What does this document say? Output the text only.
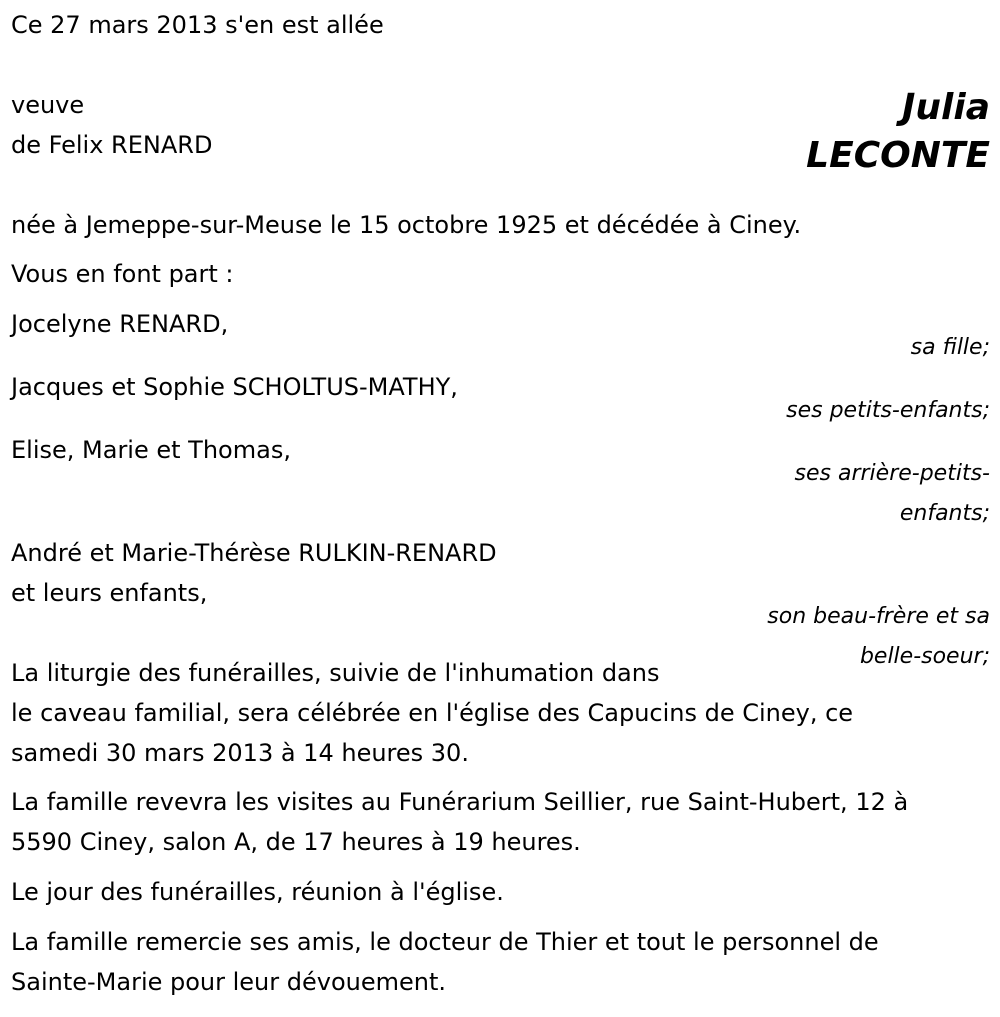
Ce 27 mars 2013 s'en est allée
veuve
de Felix RENARD
Julia
LECONTE
née à Jemeppe-sur-Meuse le 15 octobre 1925 et décédée à Ciney.
Vous en font part :
Jocelyne RENARD,
sa fille;
Jacques et Sophie SCHOLTUS-MATHY,
ses petits-enfants;
Elise, Marie et Thomas,
ses arrière-petits-
enfants;
André et Marie-Thérèse RULKIN-RENARD
et leurs enfants,
son beau-frère et sa
belle-soeur;
La liturgie des funérailles, suivie de l'inhumation dans
le caveau familial, sera célébrée en l'église des Capucins de Ciney, ce
samedi 30 mars 2013 à 14 heures 30.
La famille revevra les visites au Funérarium Seillier, rue Saint-Hubert, 12 à
5590 Ciney, salon A, de 17 heures à 19 heures.
Le jour des funérailles, réunion à l'église.
La famille remercie ses amis, le docteur de Thier et tout le personnel de
Sainte-Marie pour leur dévouement.
